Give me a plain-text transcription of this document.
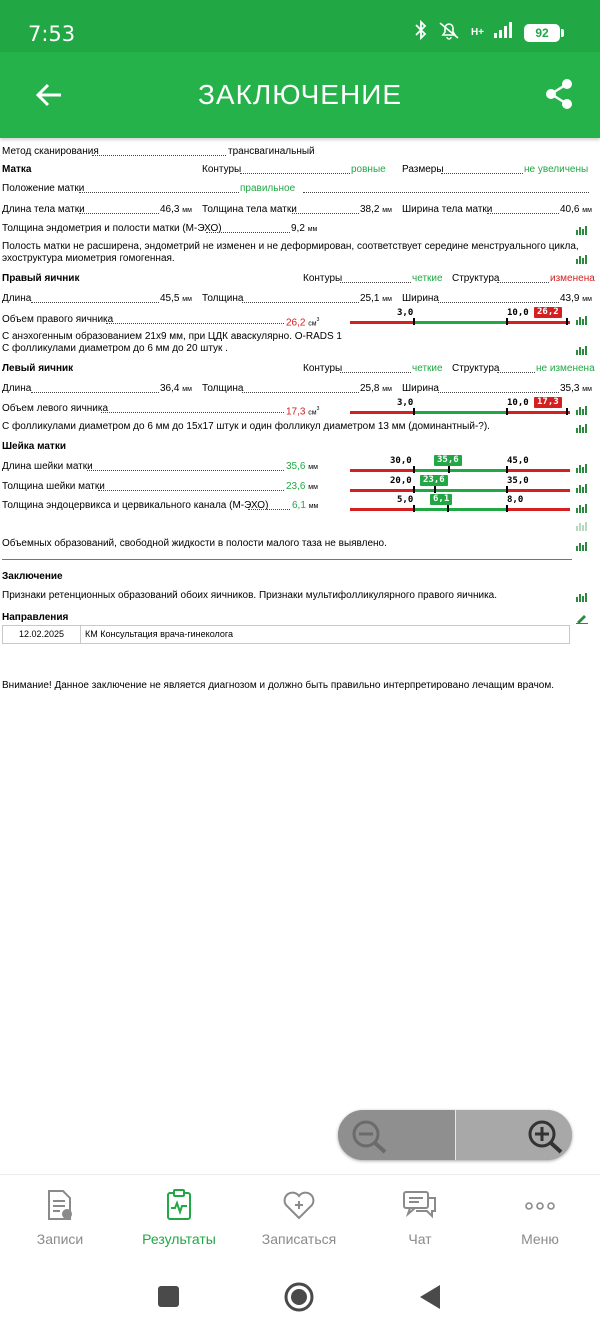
7:53	H+	92
ЗАКЛЮЧЕНИЕ
Метод сканирования	трансвагинальный
Матка	Контуры	ровные Размеры	не увеличены
Положение матки	правильное
Длина тела матки	46,3 мм Толщина тела матки	38,2 мм Ширина тела матки	40,6 мм
Толщина эндометрия и полости матки (М-ЭХО)	9,2 мм
Полость матки не расширена, эндометрий не изменен и не деформирован, соответствует середине менструального цикла,
эхоструктура миометрия гомогенная.
Правый яичник	Контуры	четкие Структура	изменена
Длина	45,5 мм Толщина	25,1 мм Ширина	43,9 мм
Объем правого яичника	26,2 $см^3$
3,0	10,0 26,2
С анэхогенным образованием 21х9 мм, при ЦДК аваскулярно. O-RADS 1
С фолликулами диаметром до 6 мм до 20 штук .
Левый яичник	Контуры	четкие Структура	не изменена
Длина	36,4 мм Толщина	25,8 мм Ширина	35,3 мм
Объем левого яичника	17,3 $см^3$
3,0	10,0 17,3
С фолликулами диаметром до 6 мм до 15х17 штук и один фолликул диаметром 13 мм (доминантный-?).
Шейка матки
Длина шейки матки	35,6 мм
30,0	45,0
35,6
Толщина шейки матки	23,6 мм
20,0	35,0
23,6
Толщина эндоцервикса и цервикального канала (М-ЭХО) 6,1 мм
5,0	8,0
6,1
Объемных образований, свободной жидкости в полости малого таза не выявлено.
Заключение
Признаки ретенционных образований обоих яичников. Признаки мультифолликулярного правого яичника.
Направления
12.02.2025	КМ Консультация врача-гинеколога
Внимание! Данное заключение не является диагнозом и должно быть правильно интерпретировано лечащим врачом.
Записи	Результаты	Записаться	Чат	Меню
